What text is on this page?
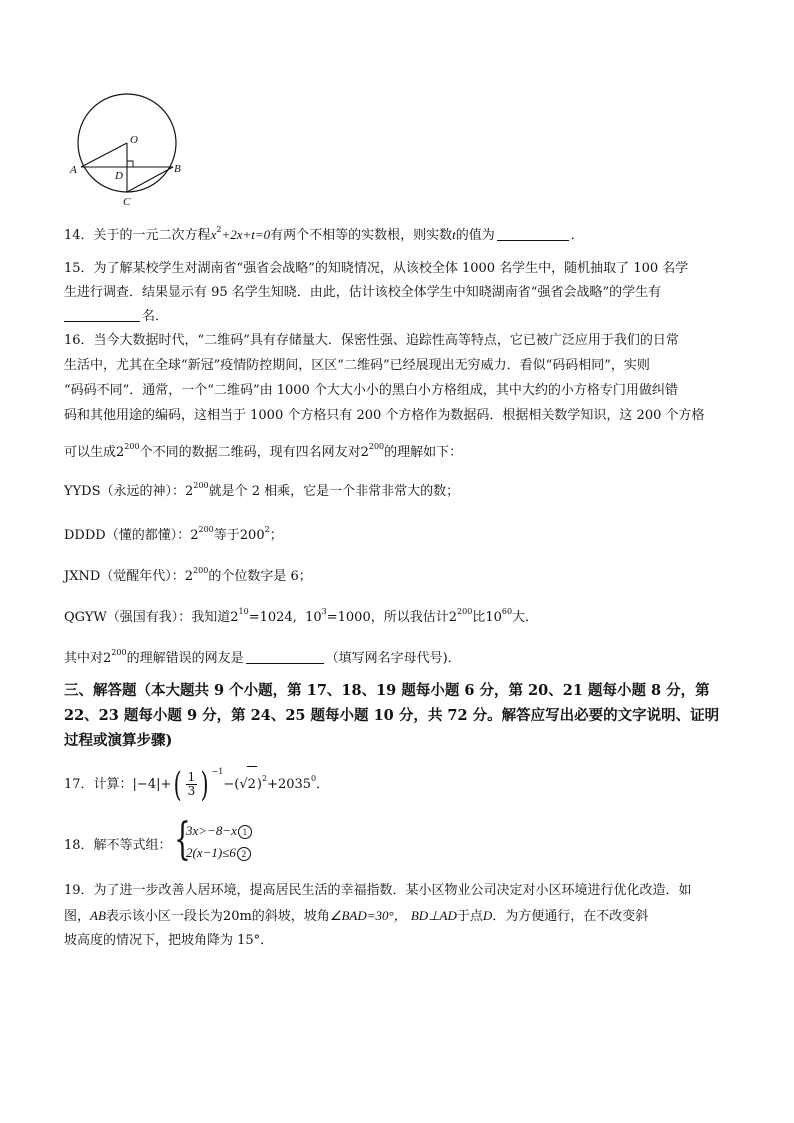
O
A	B
D
C
14．关于的一元二次方程$x^2+2x+t=0$有两个不相等的实数根，则实数t的值为	．
15．为了解某校学生对湖南省“强省会战略”的知晓情况，从该校全体 1000 名学生中，随机抽取了 100 名学
生进行调查．结果显示有 95 名学生知晓．由此，估计该校全体学生中知晓湖南省“强省会战略”的学生有
名．
16．当今大数据时代，“二维码”具有存储量大．保密性强、追踪性高等特点，它已被广泛应用于我们的日常
生活中，尤其在全球“新冠”疫情防控期间，区区“二维码”已经展现出无穷威力．看似“码码相同”，实则
“码码不同”．通常，一个“二维码”由 1000 个大大小小的黑白小方格组成，其中大约的小方格专门用做纠错
码和其他用途的编码，这相当于 1000 个方格只有 200 个方格作为数据码．根据相关数学知识，这 200 个方格
可以生成$2^{200}$个不同的数据二维码，现有四名网友对$2^{200}$的理解如下：
YYDS（永远的神）：$2^{200}$就是个 2 相乘，它是一个非常非常大的数；
DDDD（懂的都懂）：$2^{200}$等于$200^2$；
JXND（觉醒年代）：$2^{200}$的个位数字是 6；
QGYW（强国有我）：我知道$2^{10}=1024$, $10^3=1000$，所以我估计$2^{200}$比$10^{60}$大．
其中对$2^{200}$的理解错误的网友是	（填写网名字母代号)．
三、解答题（本大题共 9 个小题，第 17、18、19 题每小题 6 分，第 20、21 题每小题 8 分，第
22、23 题每小题 9 分，第 24、25 题每小题 10 分，共 72 分。解答应写出必要的文字说明、证明
过程或演算步骤)
17．计算：$|-4|+( \frac{1}{3}$ ) $^{-1}-(√2)^2+2035^0$．
18．解不等式组： {
3x>−8−x 1
2(x−1)≤6 2
19．为了进一步改善人居环境，提高居民生活的幸福指数．某小区物业公司决定对小区环境进行优化改造．如
图，AB表示该小区一段长为20m的斜坡，坡角∠BAD=30°， BD⊥AD于点D．为方便通行，在不改变斜
坡高度的情况下，把坡角降为 15°．
